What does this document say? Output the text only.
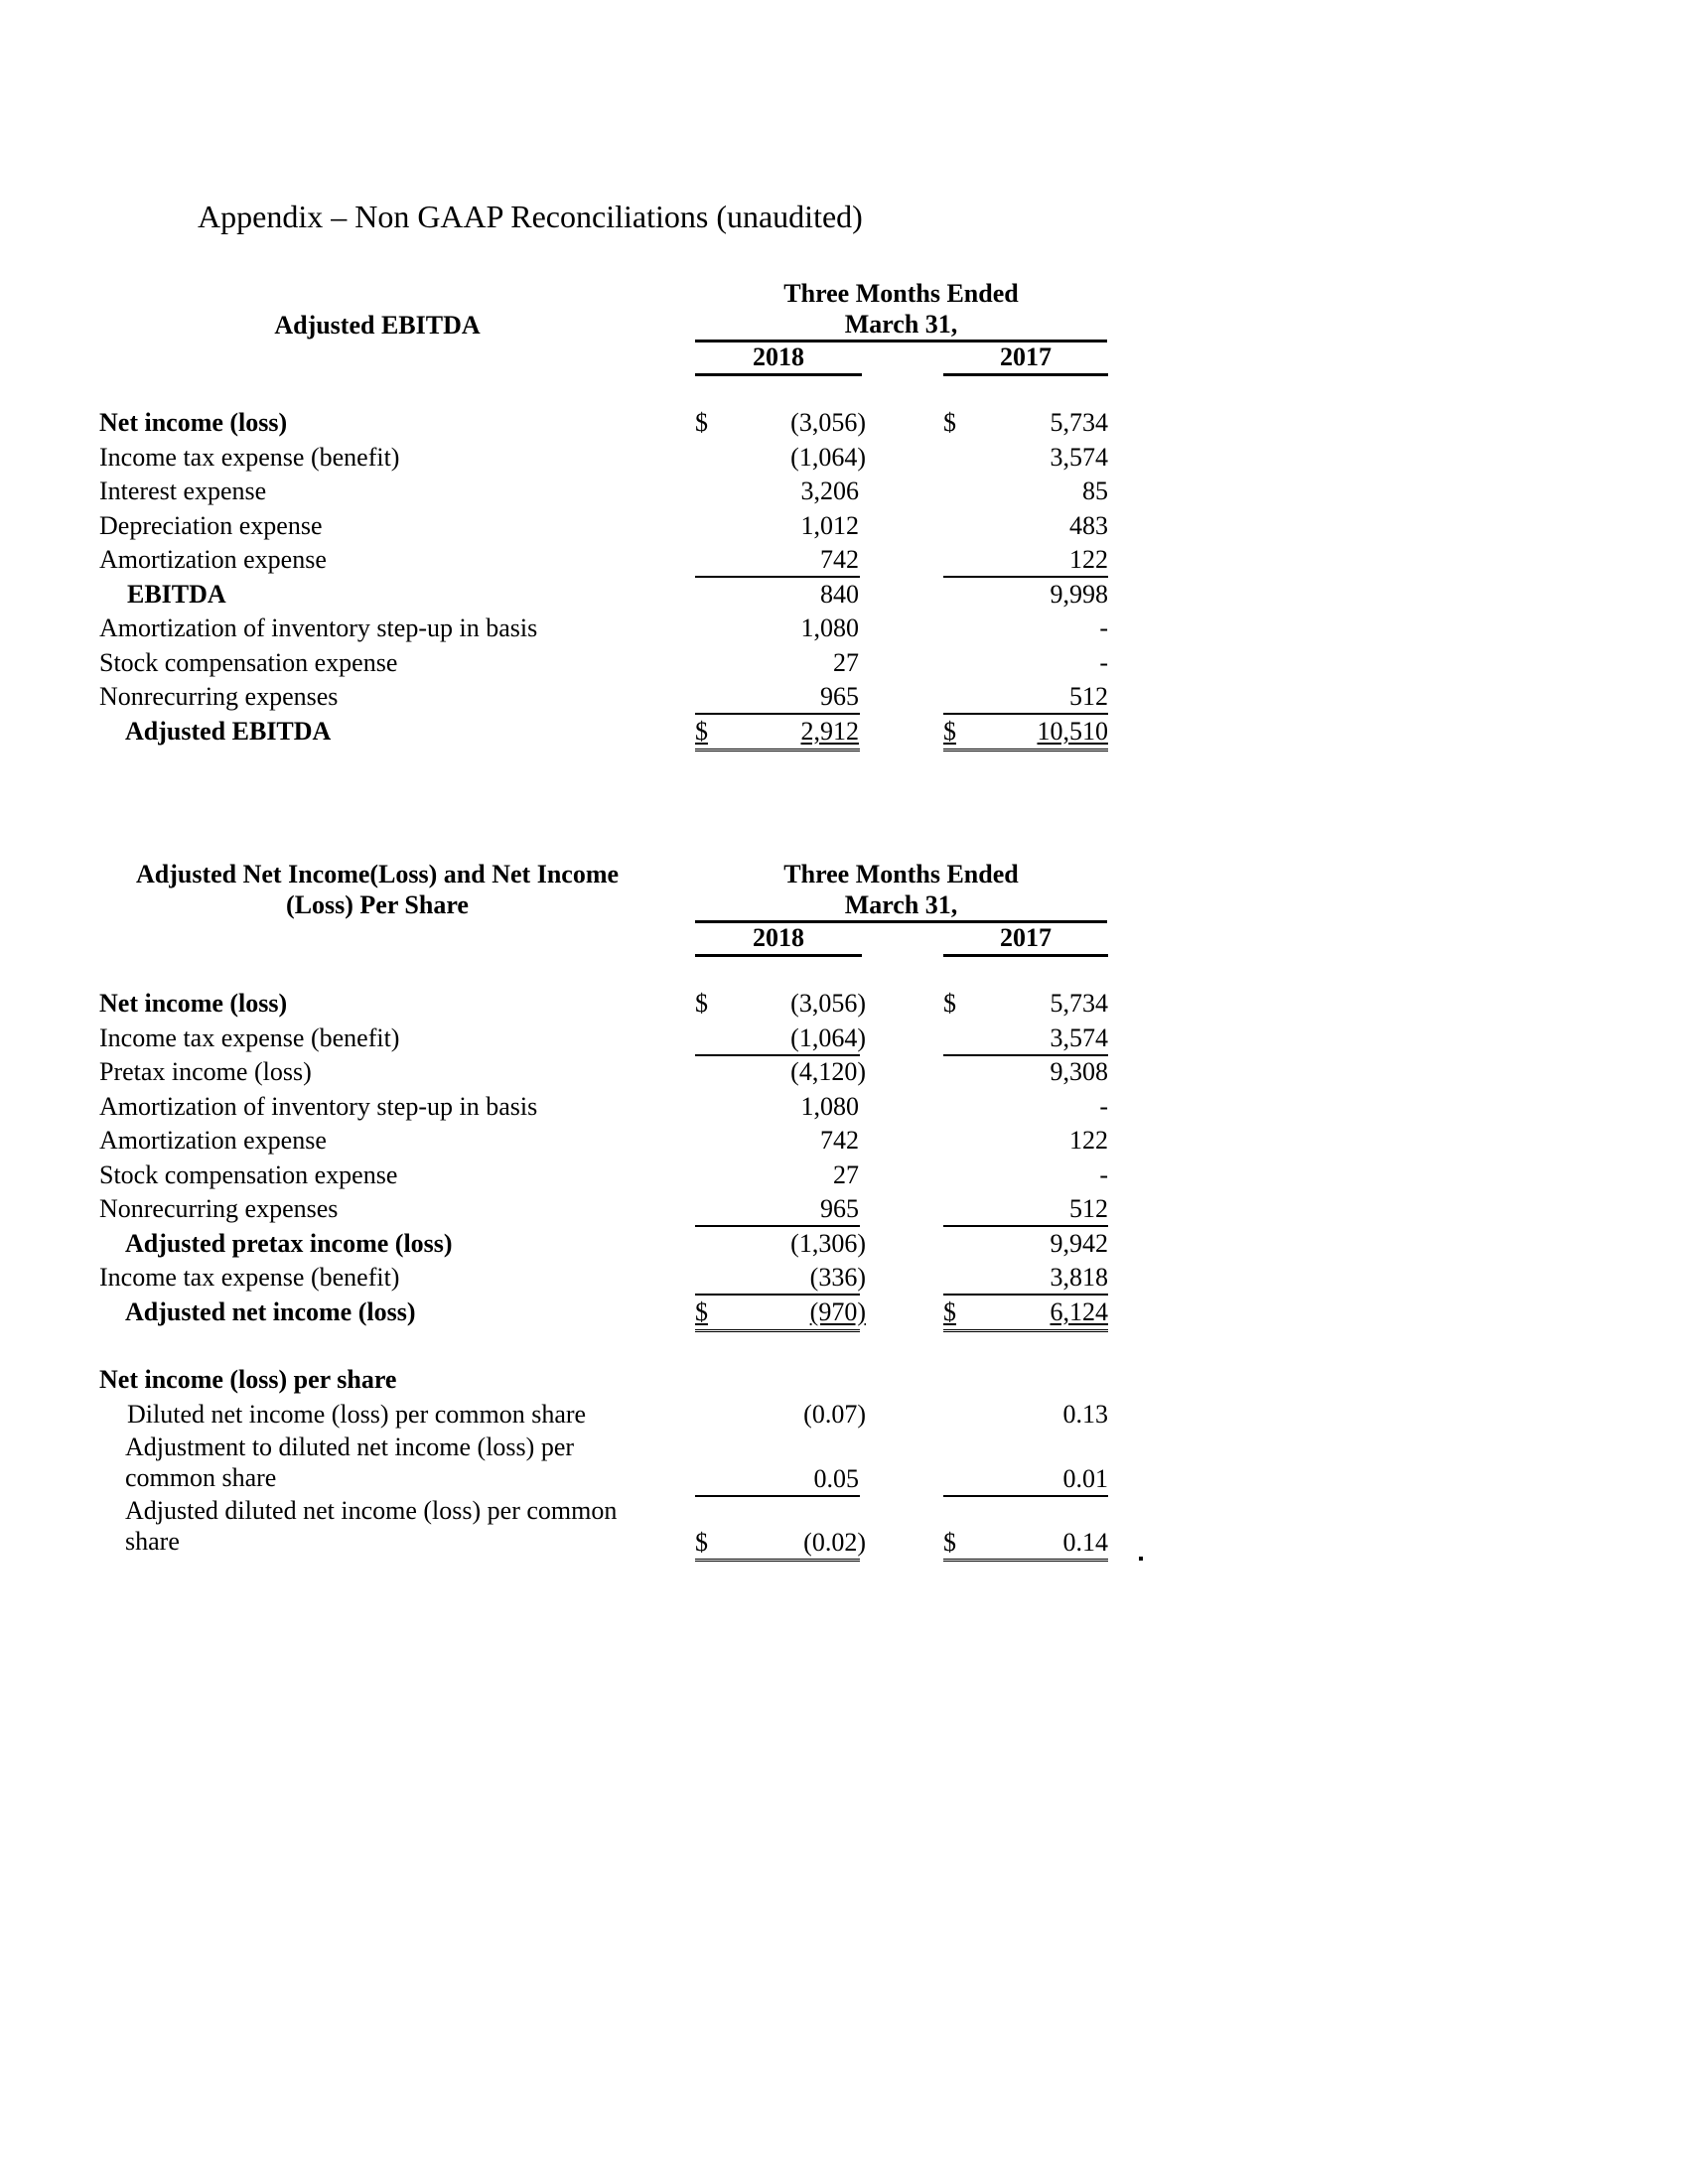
Appendix – Non GAAP Reconciliations (unaudited)
Adjusted EBITDA
Three Months Ended
March 31,
2018	2017
Net income (loss)	$	(3,056)	$	5,734
Income tax expense (benefit)	(1,064)	3,574
Interest expense	3,206	85
Depreciation expense	1,012	483
Amortization expense	742	122
EBITDA	840	9,998
Amortization of inventory step-up in basis	1,080	-
Stock compensation expense	27	-
Nonrecurring expenses	965	512
Adjusted EBITDA	$	2,912	$	10,510
Adjusted Net Income(Loss) and Net Income
(Loss) Per Share
Three Months Ended
March 31,
2018	2017
Net income (loss)	$	(3,056)	$	5,734
Income tax expense (benefit)	(1,064)	3,574
Pretax income (loss)	(4,120)	9,308
Amortization of inventory step-up in basis	1,080	-
Amortization expense	742	122
Stock compensation expense	27	-
Nonrecurring expenses	965	512
Adjusted pretax income (loss)	(1,306)	9,942
Income tax expense (benefit)	(336)	3,818
Adjusted net income (loss)	$	(970)	$	6,124
Net income (loss) per share
Diluted net income (loss) per common share	(0.07)	0.13
Adjustment to diluted net income (loss) per
common share	0.05	0.01
Adjusted diluted net income (loss) per common
share	$	(0.02)	$	0.14
